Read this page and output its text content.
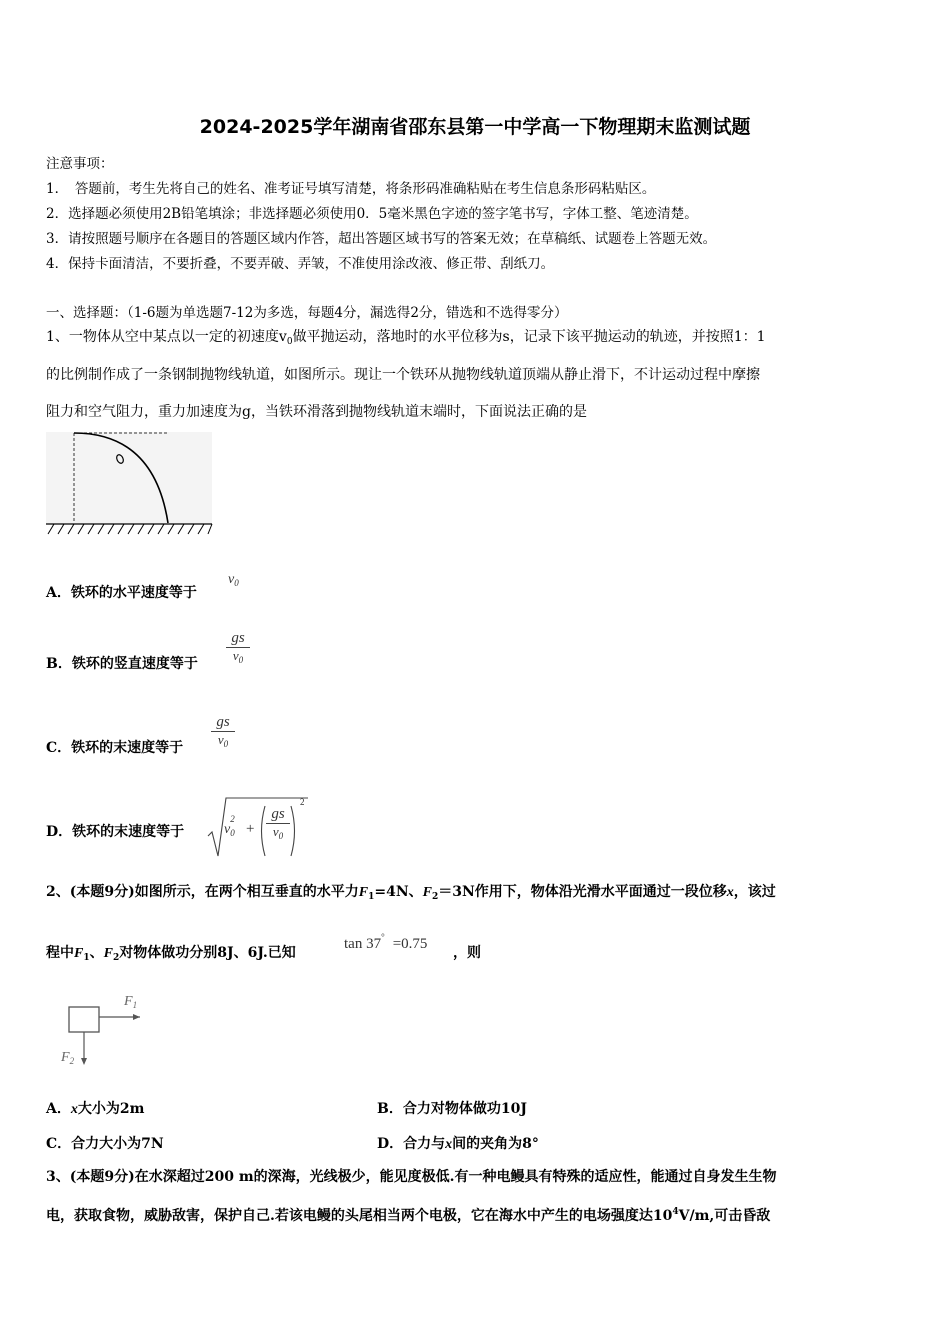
2024-2025学年湖南省邵东县第一中学高一下物理期末监测试题
注意事项：
1．　答题前，考生先将自己的姓名、准考证号填写清楚，将条形码准确粘贴在考生信息条形码粘贴区。
2．选择题必须使用2B铅笔填涂；非选择题必须使用0．5毫米黑色字迹的签字笔书写，字体工整、笔迹清楚。
3．请按照题号顺序在各题目的答题区域内作答，超出答题区域书写的答案无效；在草稿纸、试题卷上答题无效。
4．保持卡面清洁，不要折叠，不要弄破、弄皱，不准使用涂改液、修正带、刮纸刀。
一、选择题：（1-6题为单选题7-12为多选，每题4分，漏选得2分，错选和不选得零分）
1、一物体从空中某点以一定的初速度$v_0$做平抛运动，落地时的水平位移为s，记录下该平抛运动的轨迹，并按照1：1
的比例制作成了一条钢制抛物线轨道，如图所示。现让一个铁环从抛物线轨道顶端从静止滑下，不计运动过程中摩擦
阻力和空气阻力，重力加速度为g，当铁环滑落到抛物线轨道末端时，下面说法正确的是
A．铁环的水平速度等于
$v_0$
B．铁环的竖直速度等于
gs
$v_0$
C．铁环的末速度等于
gs
$v_0$
D．铁环的末速度等于	v
2
$_0$ +
gs
$v_0$
2
2、(本题9分)如图所示，在两个相互垂直的水平力$F_1=4N$、$F_2=3N$作用下，物体沿光滑水平面通过一段位移x，该过
程中$F_1$、$F_2$对物体做功分别8J、6J.已知
tan 37° =0.75
，则
$F_1$
$F_2$
A．x大小为2m	B．合力对物体做功10J
C．合力大小为7N	D．合力与x间的夹角为8°
3、(本题9分)在水深超过200 m的深海，光线极少，能见度极低.有一种电鳗具有特殊的适应性，能通过自身发生生物
电，获取食物，威胁敌害，保护自己.若该电鳗的头尾相当两个电极，它在海水中产生的电场强度达$10^4V/m$,可击昏敌
